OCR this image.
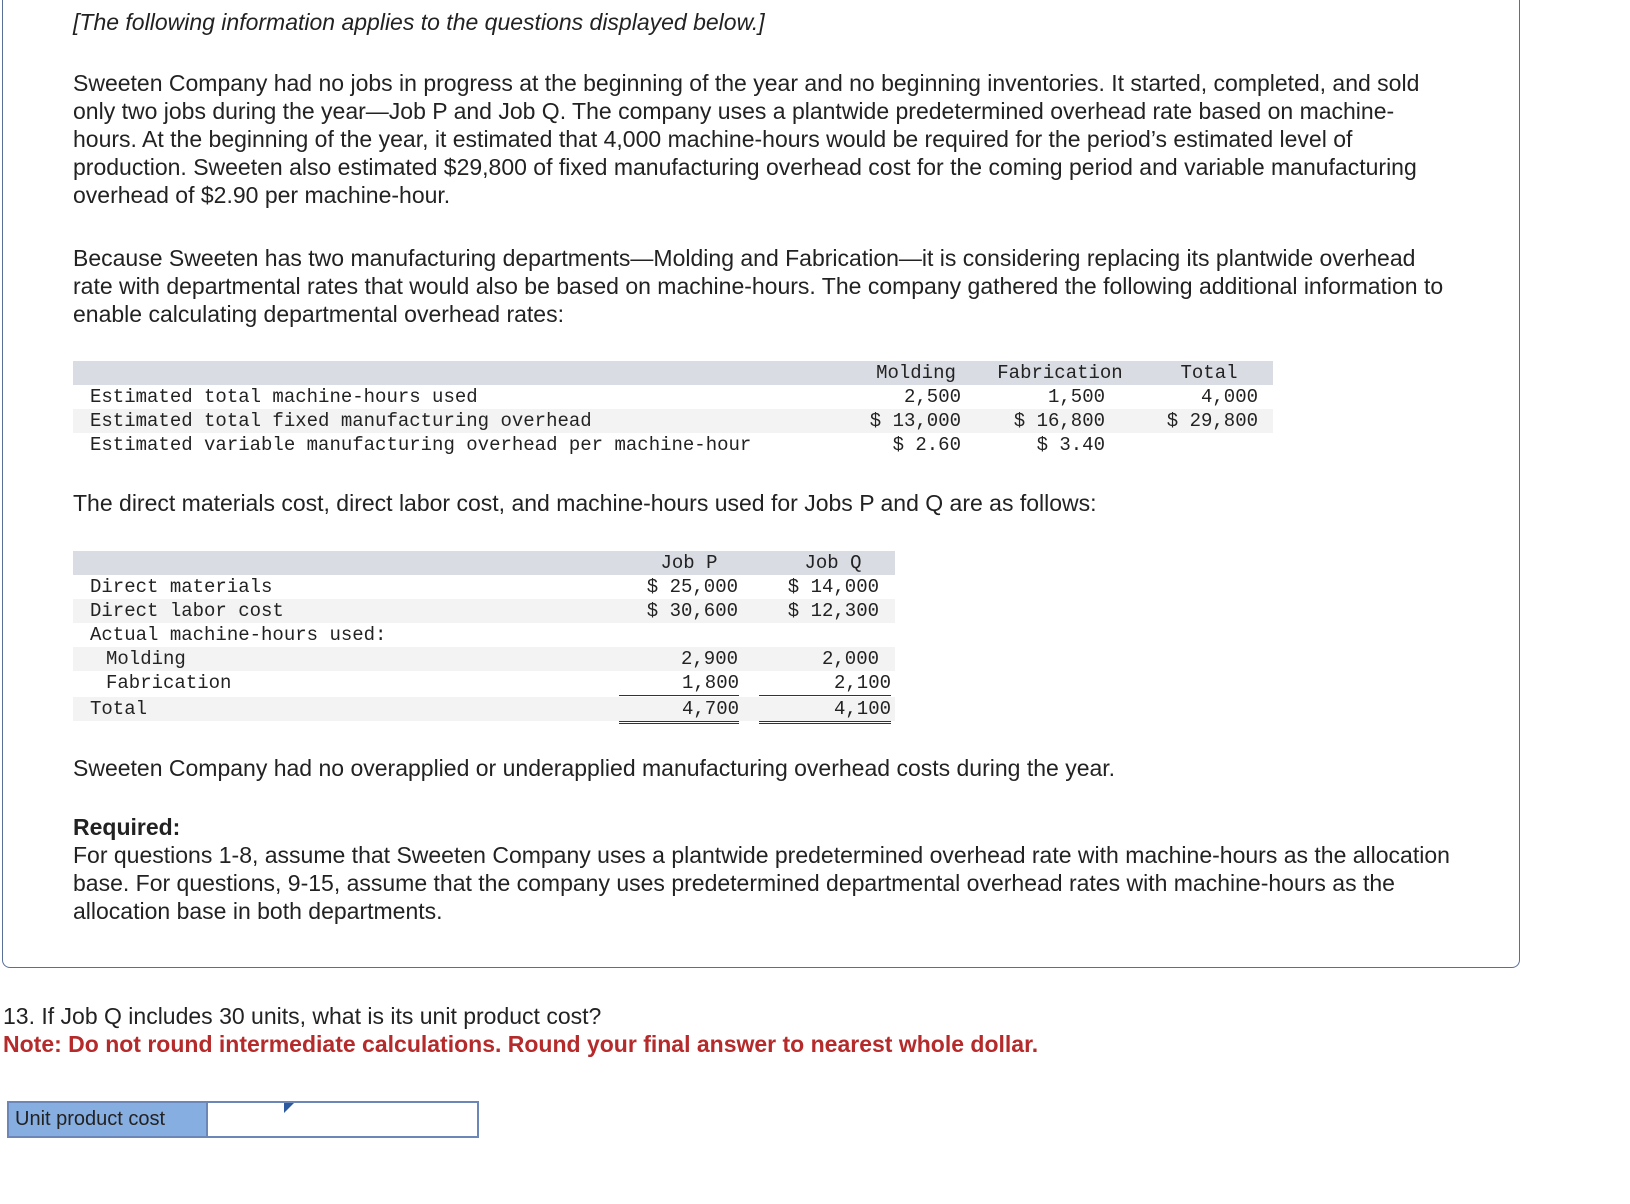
[The following information applies to the questions displayed below.]

Sweeten Company had no jobs in progress at the beginning of the year and no beginning inventories. It started, completed, and sold only two jobs during the year—Job P and Job Q. The company uses a plantwide predetermined overhead rate based on machine-hours. At the beginning of the year, it estimated that 4,000 machine-hours would be required for the period’s estimated level of production. Sweeten also estimated $29,800 of fixed manufacturing overhead cost for the coming period and variable manufacturing overhead of $2.90 per machine-hour.

Because Sweeten has two manufacturing departments—Molding and Fabrication—it is considering replacing its plantwide overhead rate with departmental rates that would also be based on machine-hours. The company gathered the following additional information to enable calculating departmental overhead rates:

Molding	Fabrication	Total
Estimated total machine-hours used	2,500	1,500	4,000
Estimated total fixed manufacturing overhead	$ 13,000	$ 16,800	$ 29,800
Estimated variable manufacturing overhead per machine-hour	$ 2.60	$ 3.40

The direct materials cost, direct labor cost, and machine-hours used for Jobs P and Q are as follows:

Job P	Job Q
Direct materials	$ 25,000	$ 14,000
Direct labor cost	$ 30,600	$ 12,300
Actual machine-hours used:
Molding	2,900	2,000
Fabrication	1,800	2,100
Total	4,700	4,100

Sweeten Company had no overapplied or underapplied manufacturing overhead costs during the year.

Required:

For questions 1-8, assume that Sweeten Company uses a plantwide predetermined overhead rate with machine-hours as the allocation base. For questions, 9-15, assume that the company uses predetermined departmental overhead rates with machine-hours as the allocation base in both departments.

13. If Job Q includes 30 units, what is its unit product cost?
Note: Do not round intermediate calculations. Round your final answer to nearest whole dollar.
Unit product cost
